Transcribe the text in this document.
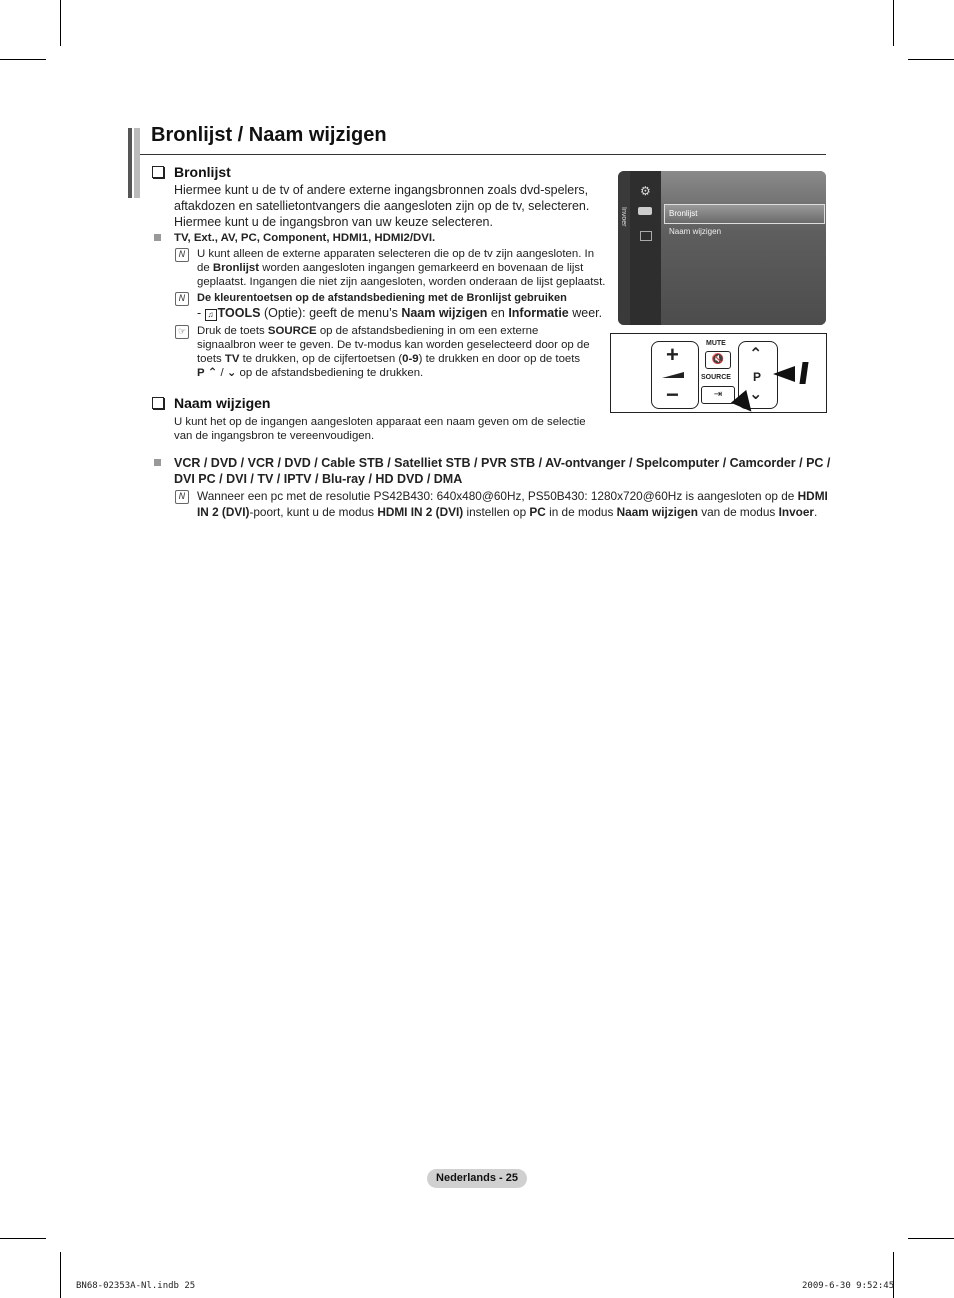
Bronlijst / Naam wijzigen
Bronlijst
Hiermee kunt u de tv of andere externe ingangsbronnen zoals dvd-spelers,
aftakdozen en satellietontvangers die aangesloten zijn op de tv, selecteren.
Hiermee kunt u de ingangsbron van uw keuze selecteren.
TV, Ext., AV, PC, Component, HDMI1, HDMI2/DVI.
N	U kunt alleen de externe apparaten selecteren die op de tv zijn aangesloten. In
de Bronlijst worden aangesloten ingangen gemarkeerd en bovenaan de lijst
geplaatst. Ingangen die niet zijn aangesloten, worden onderaan de lijst geplaatst.
N	De kleurentoetsen op de afstandsbediening met de Bronlijst gebruiken
- ♫ TOOLS (Optie): geeft de menu’s Naam wijzigen en Informatie weer.
☞ Druk de toets SOURCE op de afstandsbediening in om een externe
signaalbron weer te geven. De tv-modus kan worden geselecteerd door op de
toets TV te drukken, op de cijfertoetsen (0-9) te drukken en door op de toets
P ⌃ / ⌄ op de afstandsbediening te drukken.
Naam wijzigen
U kunt het op de ingangen aangesloten apparaat een naam geven om de selectie
van de ingangsbron te vereenvoudigen.
VCR / DVD / VCR / DVD / Cable STB / Satelliet STB / PVR STB / AV-ontvanger / Spelcomputer / Camcorder / PC /
DVI PC / DVI / TV / IPTV / Blu-ray / HD DVD / DMA
N Wanneer een pc met de resolutie PS42B430: 640x480@60Hz, PS50B430: 1280x720@60Hz is aangesloten op de HDMI
IN 2 (DVI)-poort, kunt u de modus HDMI IN 2 (DVI) instellen op PC in de modus Naam wijzigen van de modus Invoer.
Invoer
⚙
Bronlijst
Naam wijzigen
+
−
MUTE
🔇
SOURCE
⇥
⌃
P
⌄
Nederlands - 25
BN68-02353A-Nl.indb 25	2009-6-30 9:52:45
